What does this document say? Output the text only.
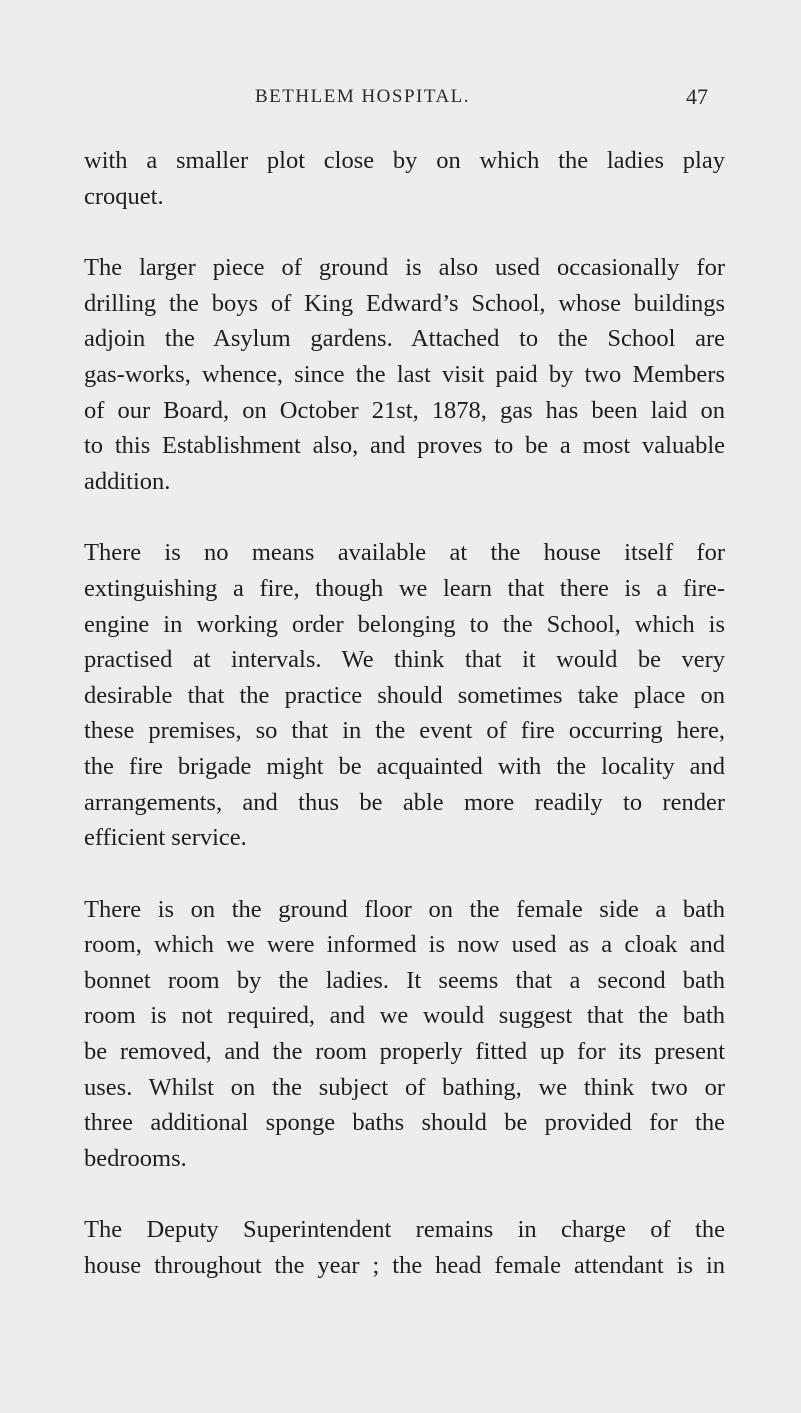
BETHLEM HOSPITAL.	47

with a smaller plot close by on which the ladies play
croquet.

The larger piece of ground is also used occasionally for
drilling the boys of King Edward’s School, whose buildings
adjoin the Asylum gardens. Attached to the School are
gas-works, whence, since the last visit paid by two Members
of our Board, on October 21st, 1878, gas has been laid on
to this Establishment also, and proves to be a most valuable
addition.

There is no means available at the house itself for
extinguishing a fire, though we learn that there is a fire-
engine in working order belonging to the School, which is
practised at intervals. We think that it would be very
desirable that the practice should sometimes take place on
these premises, so that in the event of fire occurring here,
the fire brigade might be acquainted with the locality and
arrangements, and thus be able more readily to render
efficient service.

There is on the ground floor on the female side a bath
room, which we were informed is now used as a cloak and
bonnet room by the ladies. It seems that a second bath
room is not required, and we would suggest that the bath
be removed, and the room properly fitted up for its present
uses. Whilst on the subject of bathing, we think two or
three additional sponge baths should be provided for the
bedrooms.

The Deputy Superintendent remains in charge of the
house throughout the year ; the head female attendant is in
